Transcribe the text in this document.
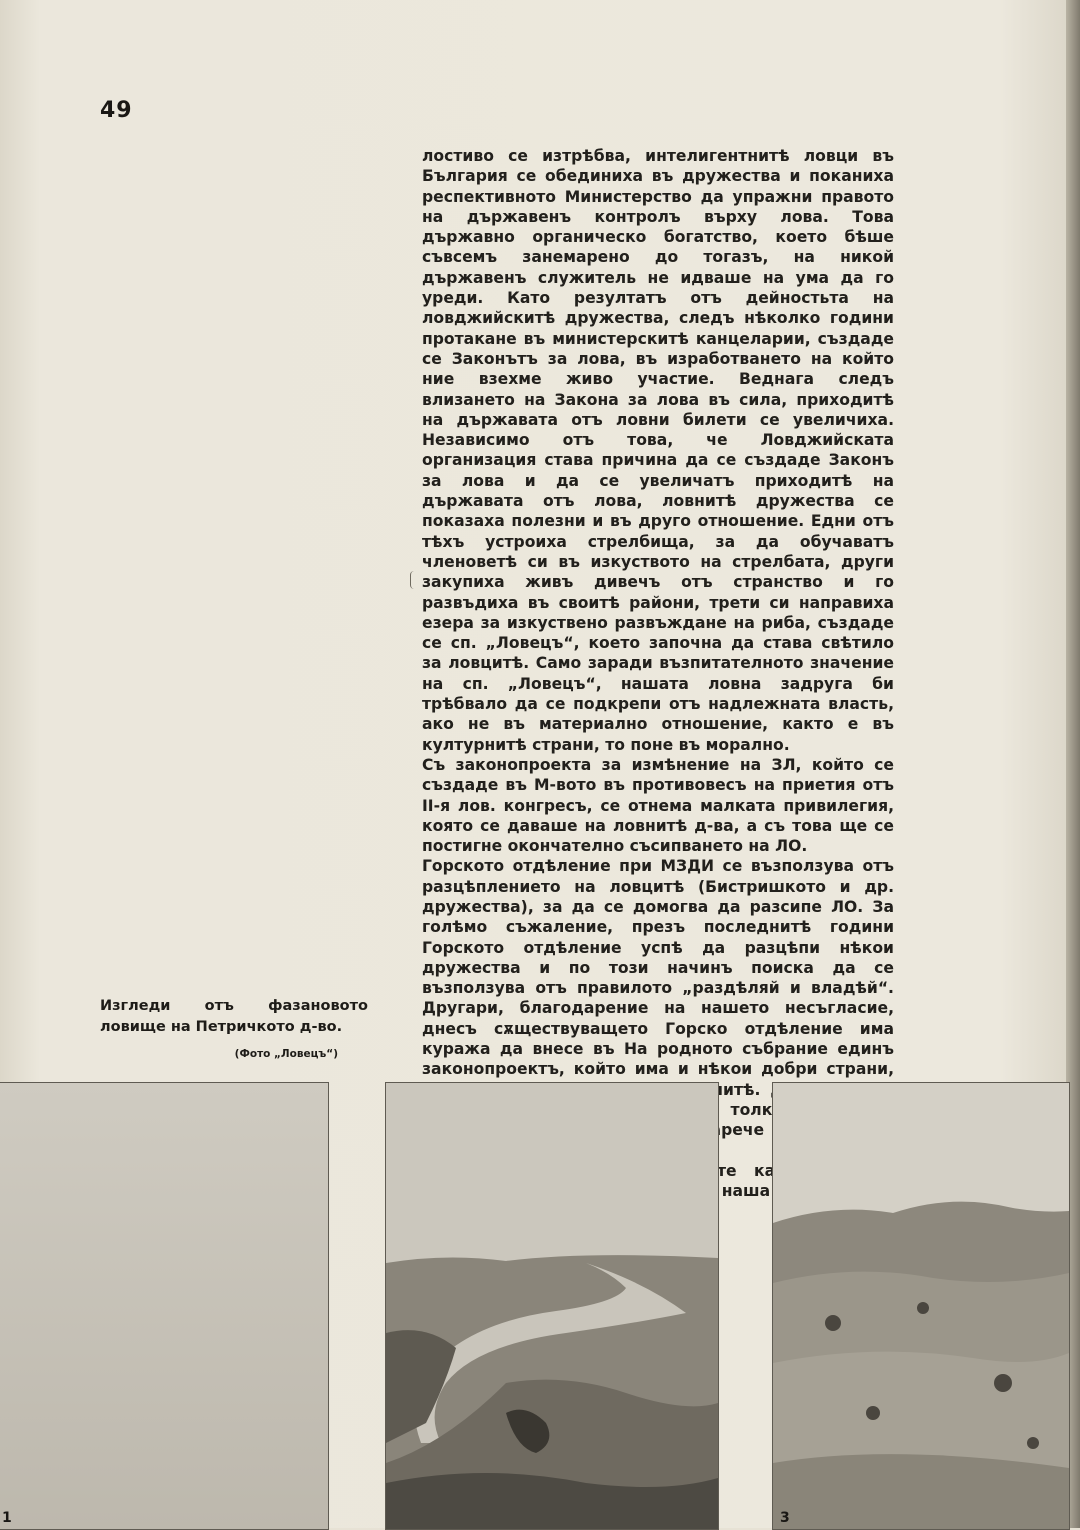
49

лостиво се изтрѣбва, интелигентнитѣ ловци въ България се обединиха въ дружества и поканиха респективното Министерство да упражни правото на държавенъ контролъ върху лова. Това държавно органическо богатство, което бѣше съвсемъ занемарено до тогазъ, на никой държавенъ служитель не идваше на ума да го уреди. Като резултатъ отъ дейностьта на ловджийскитѣ дружества, следъ нѣколко години протакане въ министерскитѣ канцеларии, създаде се Законътъ за лова, въ изработването на който ние взехме живо участие. Веднага следъ влизането на Закона за лова въ сила, приходитѣ на държавата отъ ловни билети се увеличиха. Независимо отъ това, че Ловджийската организация става причина да се създаде Законъ за лова и да се увеличатъ приходитѣ на държавата отъ лова, ловнитѣ дружества се показаха полезни и въ друго отношение. Едни отъ тѣхъ устроиха стрелбища, за да обучаватъ членоветѣ си въ изкуството на стрелбата, други закупиха живъ дивечъ отъ странство и го развъдиха въ своитѣ райони, трети си направиха езера за изкуствено развъждане на риба, създаде се сп. „Ловецъ“, което започна да става свѣтило за ловцитѣ. Само заради възпитателното значение на сп. „Ловецъ“, нашата ловна задруга би трѣбвало да се подкрепи отъ надлежната власть, ако не въ материално отношение, както е въ културнитѣ страни, то поне въ морално.

Съ законопроекта за измѣнение на ЗЛ, който се създаде въ М-вото въ противовесъ на приетия отъ II-я лов. конгресъ, се отнема малката привилегия, която се даваше на ловнитѣ д-ва, а съ това ще се постигне окончателно съсипването на ЛО.

Горското отдѣление при МЗДИ се възползува отъ разцѣплението на ловцитѣ (Бистришкото и др. дружества), за да се домогва да разсипе ЛО. За голѣмо съжаление, презъ последнитѣ години Горското отдѣление успѣ да разцѣпи нѣкои дружества и по този начинъ поиска да се възползува отъ правилото „раздѣляй и владѣй“. Другари, благодарение на нашето несъгласие, днесъ сѫществуващето Горско отдѣление има куража да внесе въ На родното събрание единъ законопроектъ, който има и нѣкои добри страни, лошитѣ. толкозъ нарече

наша

Изгледи отъ фазановото ловище на Петричкото д-во.
(Фото „Ловецъ“)
1	3
